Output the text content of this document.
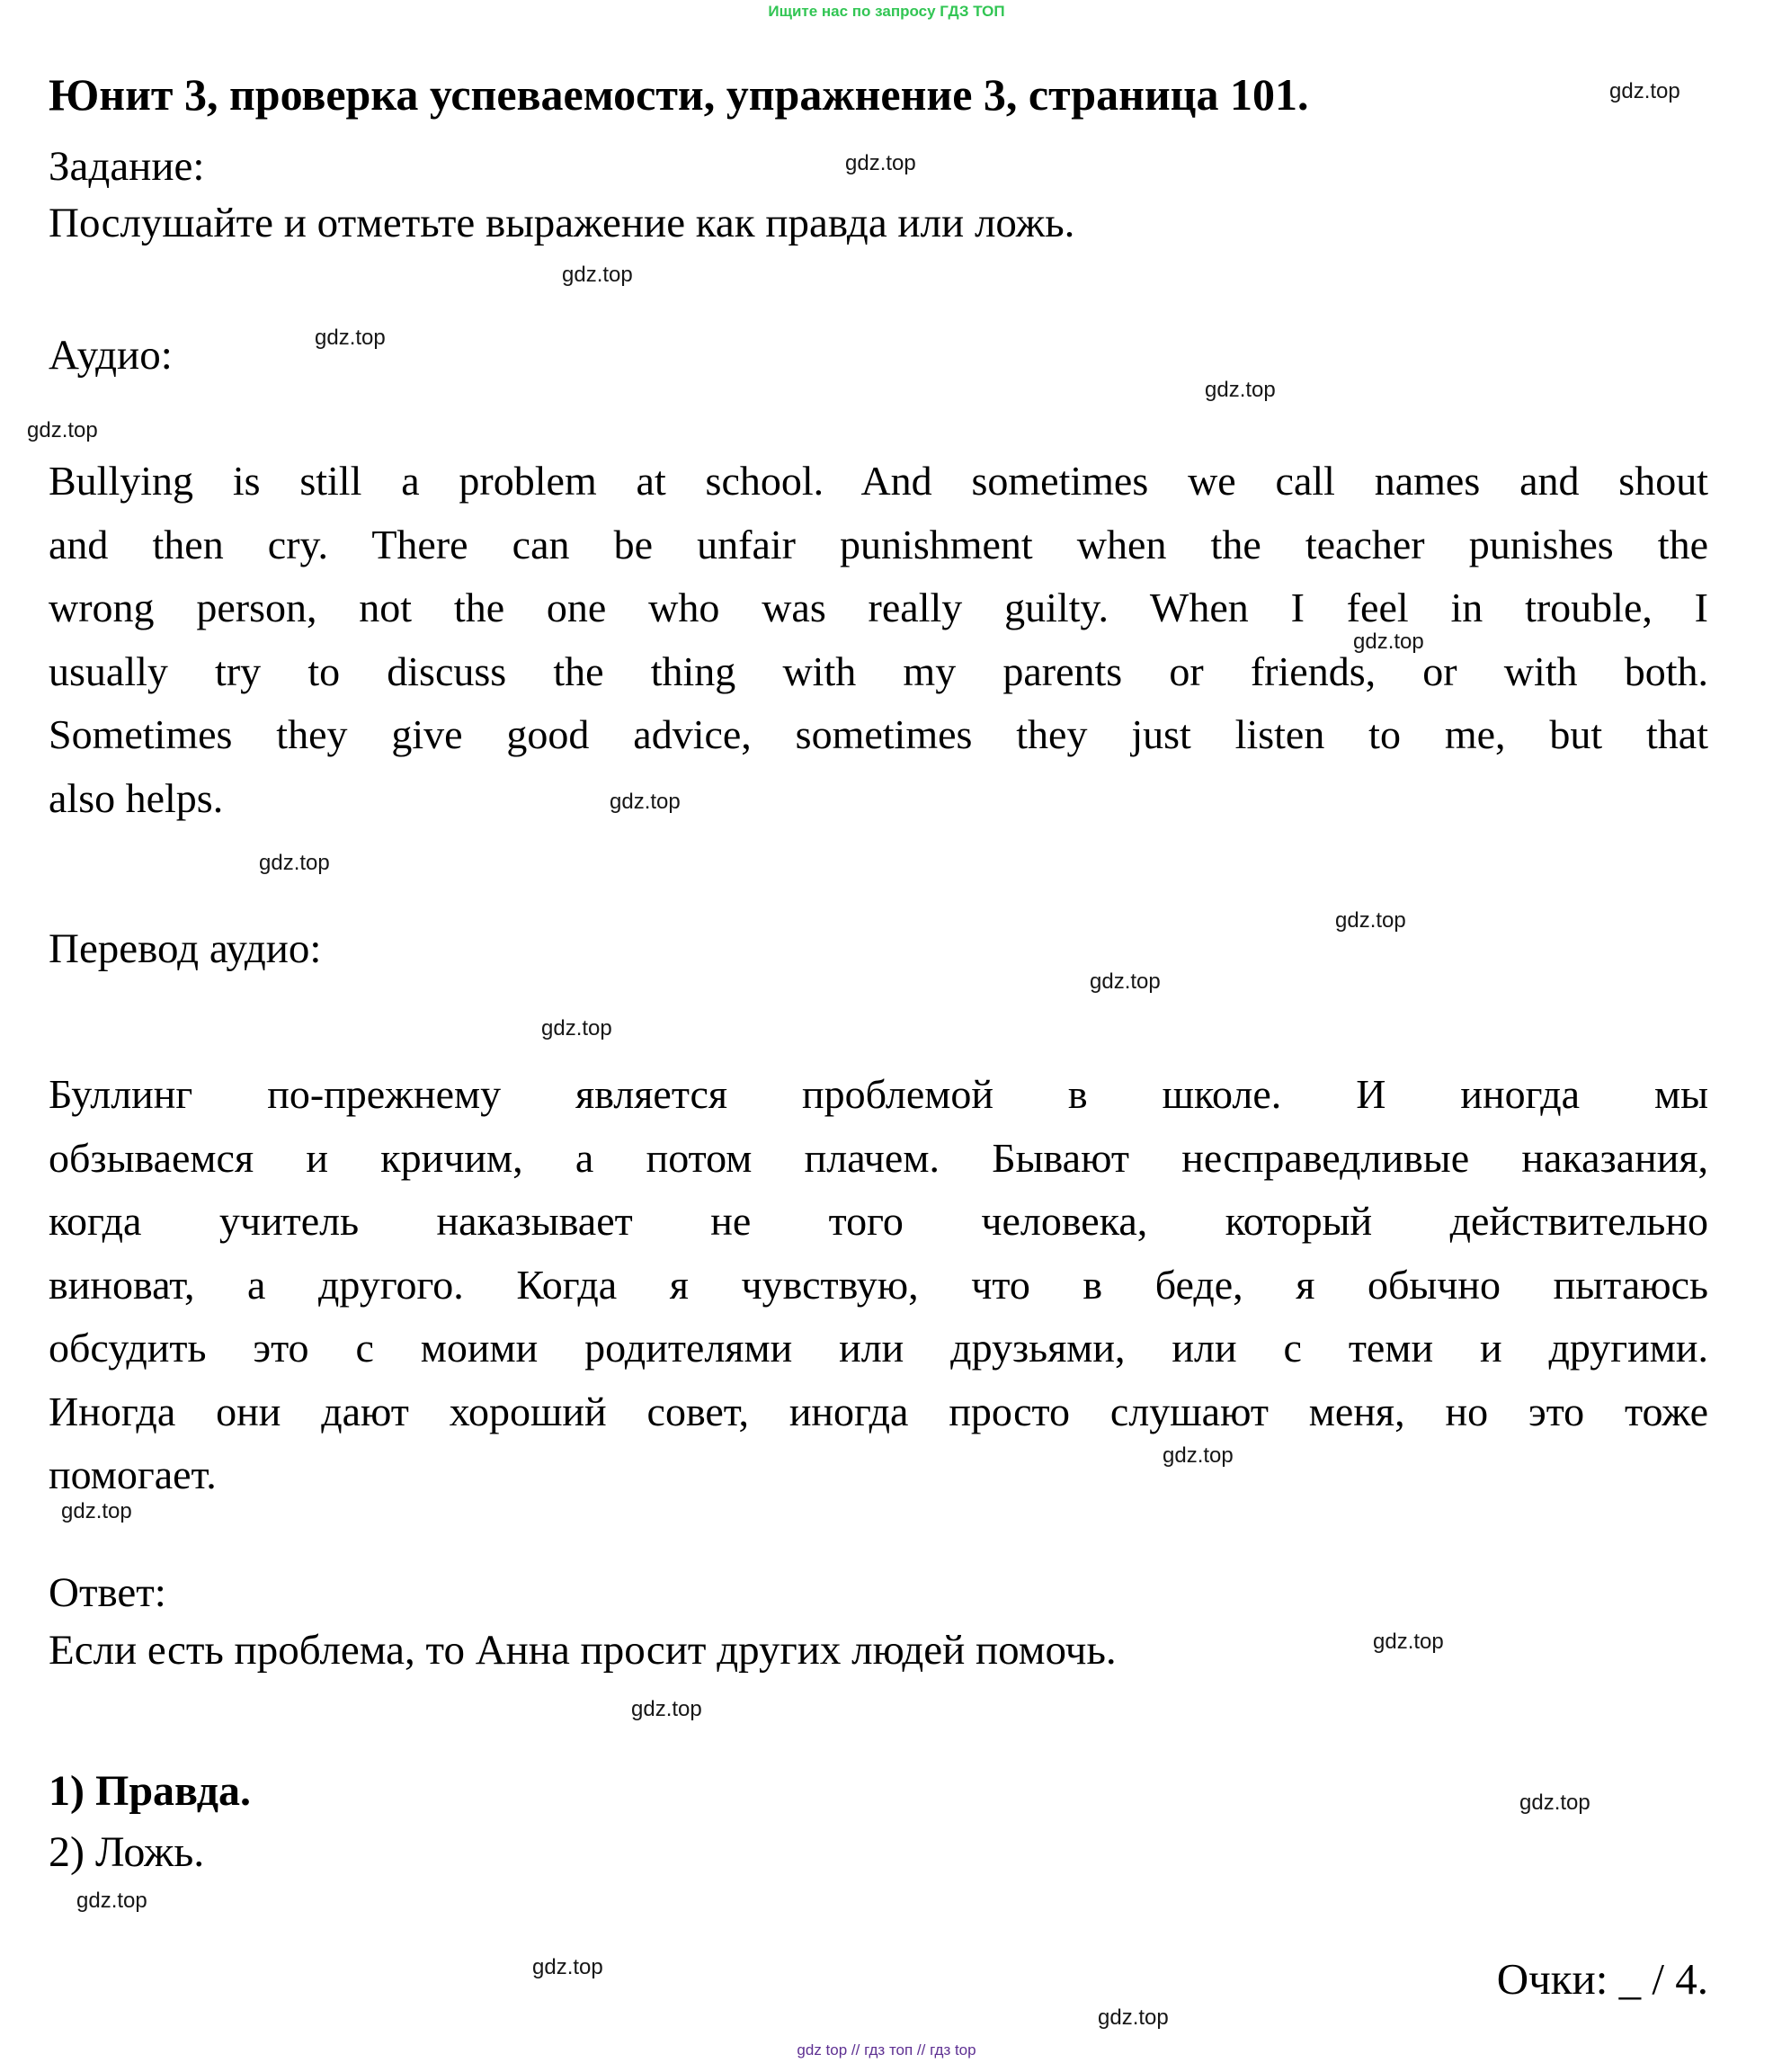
Ищите нас по запросу ГДЗ ТОП
Юнит 3, проверка успеваемости, упражнение 3, страница 101.
Задание:
Послушайте и отметьте выражение как правда или ложь.
Аудио:
Bullying is still a problem at school. And sometimes we call names and shout
and then cry. There can be unfair punishment when the teacher punishes the
wrong person, not the one who was really guilty. When I feel in trouble, I
usually try to discuss the thing with my parents or friends, or with both.
Sometimes they give good advice, sometimes they just listen to me, but that
also helps.
Перевод аудио:
Буллинг по-прежнему является проблемой в школе. И иногда мы
обзываемся и кричим, а потом плачем. Бывают несправедливые наказания,
когда учитель наказывает не того человека, который действительно
виноват, а другого. Когда я чувствую, что в беде, я обычно пытаюсь
обсудить это с моими родителями или друзьями, или с теми и другими.
Иногда они дают хороший совет, иногда просто слушают меня, но это тоже
помогает.
Ответ:
Если есть проблема, то Анна просит других людей помочь.
1) Правда.
2) Ложь.
Очки: _ / 4.
gdz top // гдз топ // гдз top
gdz.top
gdz.top
gdz.top
gdz.top
gdz.top
gdz.top
gdz.top
gdz.top
gdz.top
gdz.top
gdz.top
gdz.top
gdz.top
gdz.top
gdz.top
gdz.top
gdz.top
gdz.top
gdz.top
gdz.top
